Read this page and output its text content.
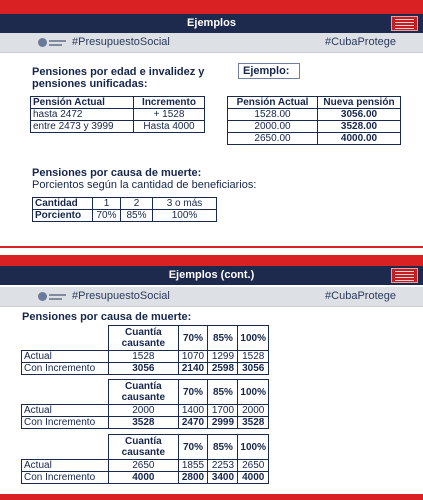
Ejemplos
#PresupuestoSocial	#CubaProtege
Pensiones por edad e invalidez y
pensiones unificadas:
Ejemplo:
Pensión Actual	Incremento
hasta 2472	+ 1528
entre 2473 y 3999	Hasta 4000
Pensión Actual	Nueva pensión
1528.00	3056.00
2000.00	3528.00
2650.00	4000.00
Pensiones por causa de muerte:
Porcientos según la cantidad de beneficiarios:
Cantidad	1	2	3 o más
Porciento	70%	85%	100%
Ejemplos (cont.)
#PresupuestoSocial	#CubaProtege
Pensiones por causa de muerte:
	Cuantía causante	70%	85%	100%
Actual	1528	1070	1299	1528
Con Incremento	3056	2140	2598	3056
	Cuantía causante	70%	85%	100%
Actual	2000	1400	1700	2000
Con Incremento	3528	2470	2999	3528
	Cuantía causante	70%	85%	100%
Actual	2650	1855	2253	2650
Con Incremento	4000	2800	3400	4000
